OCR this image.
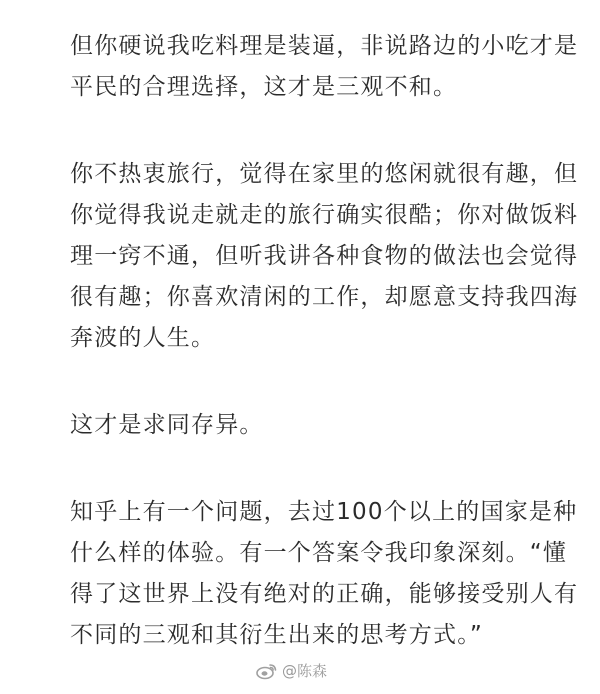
但你硬说我吃料理是装逼，非说路边的小吃才是
平民的合理选择，这才是三观不和。
你不热衷旅行，觉得在家里的悠闲就很有趣，但
你觉得我说走就走的旅行确实很酷；你对做饭料
理一窍不通，但听我讲各种食物的做法也会觉得
很有趣；你喜欢清闲的工作，却愿意支持我四海
奔波的人生。
这才是求同存异。
知乎上有一个问题，去过100个以上的国家是种
什么样的体验。有一个答案令我印象深刻。“懂
得了这世界上没有绝对的正确，能够接受别人有
不同的三观和其衍生出来的思考方式。”
@陈森
